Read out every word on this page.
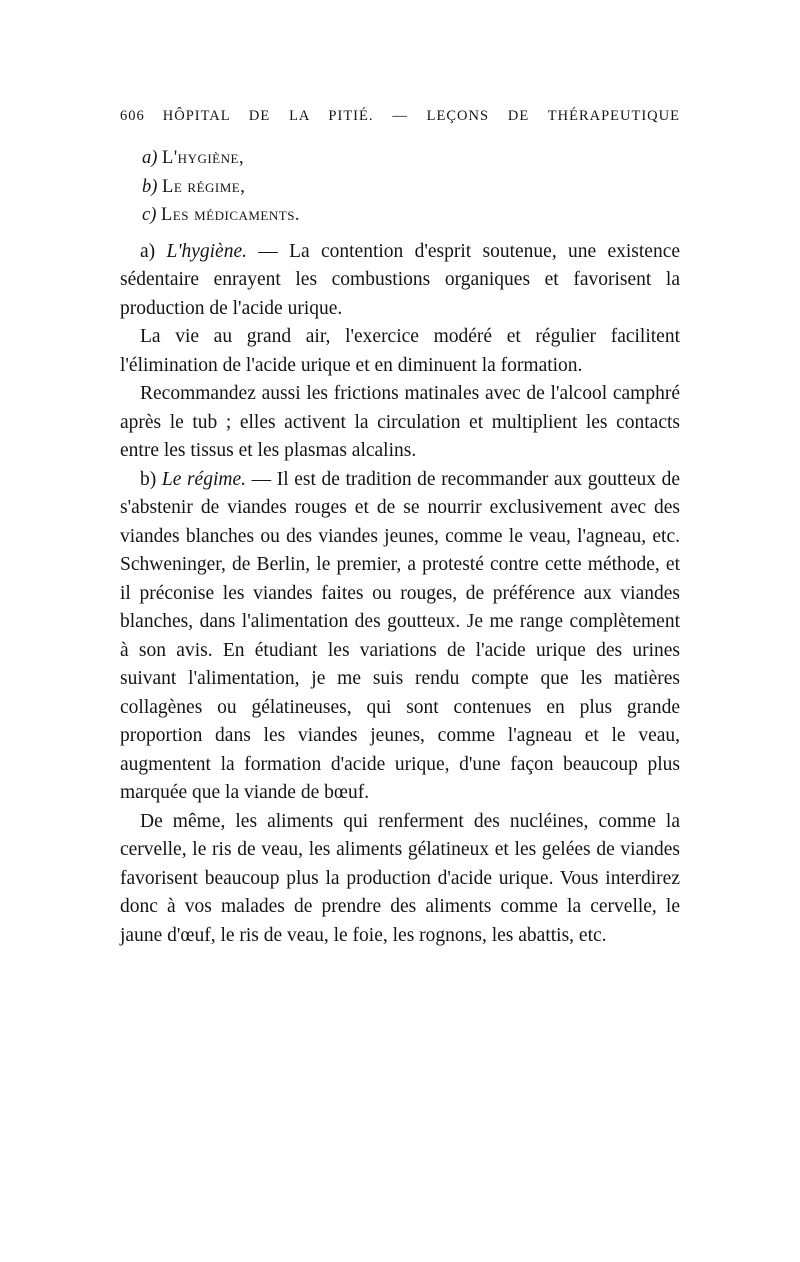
606 HÔPITAL DE LA PITIÉ. — LEÇONS DE THÉRAPEUTIQUE
a) L'hygiène,
b) Le régime,
c) Les médicaments.

a) L'hygiène. — La contention d'esprit soutenue, une existence sédentaire enrayent les combustions organiques et favorisent la production de l'acide urique.

La vie au grand air, l'exercice modéré et régulier facilitent l'élimination de l'acide urique et en diminuent la formation.

Recommandez aussi les frictions matinales avec de l'alcool camphré après le tub ; elles activent la circulation et multiplient les contacts entre les tissus et les plasmas alcalins.

b) Le régime. — Il est de tradition de recommander aux goutteux de s'abstenir de viandes rouges et de se nourrir exclusivement avec des viandes blanches ou des viandes jeunes, comme le veau, l'agneau, etc. Schweninger, de Berlin, le premier, a protesté contre cette méthode, et il préconise les viandes faites ou rouges, de préférence aux viandes blanches, dans l'alimentation des goutteux. Je me range complètement à son avis. En étudiant les variations de l'acide urique des urines suivant l'alimentation, je me suis rendu compte que les matières collagènes ou gélatineuses, qui sont contenues en plus grande proportion dans les viandes jeunes, comme l'agneau et le veau, augmentent la formation d'acide urique, d'une façon beaucoup plus marquée que la viande de bœuf.

De même, les aliments qui renferment des nucléines, comme la cervelle, le ris de veau, les aliments gélatineux et les gelées de viandes favorisent beaucoup plus la production d'acide urique. Vous interdirez donc à vos malades de prendre des aliments comme la cervelle, le jaune d'œuf, le ris de veau, le foie, les rognons, les abattis, etc.
